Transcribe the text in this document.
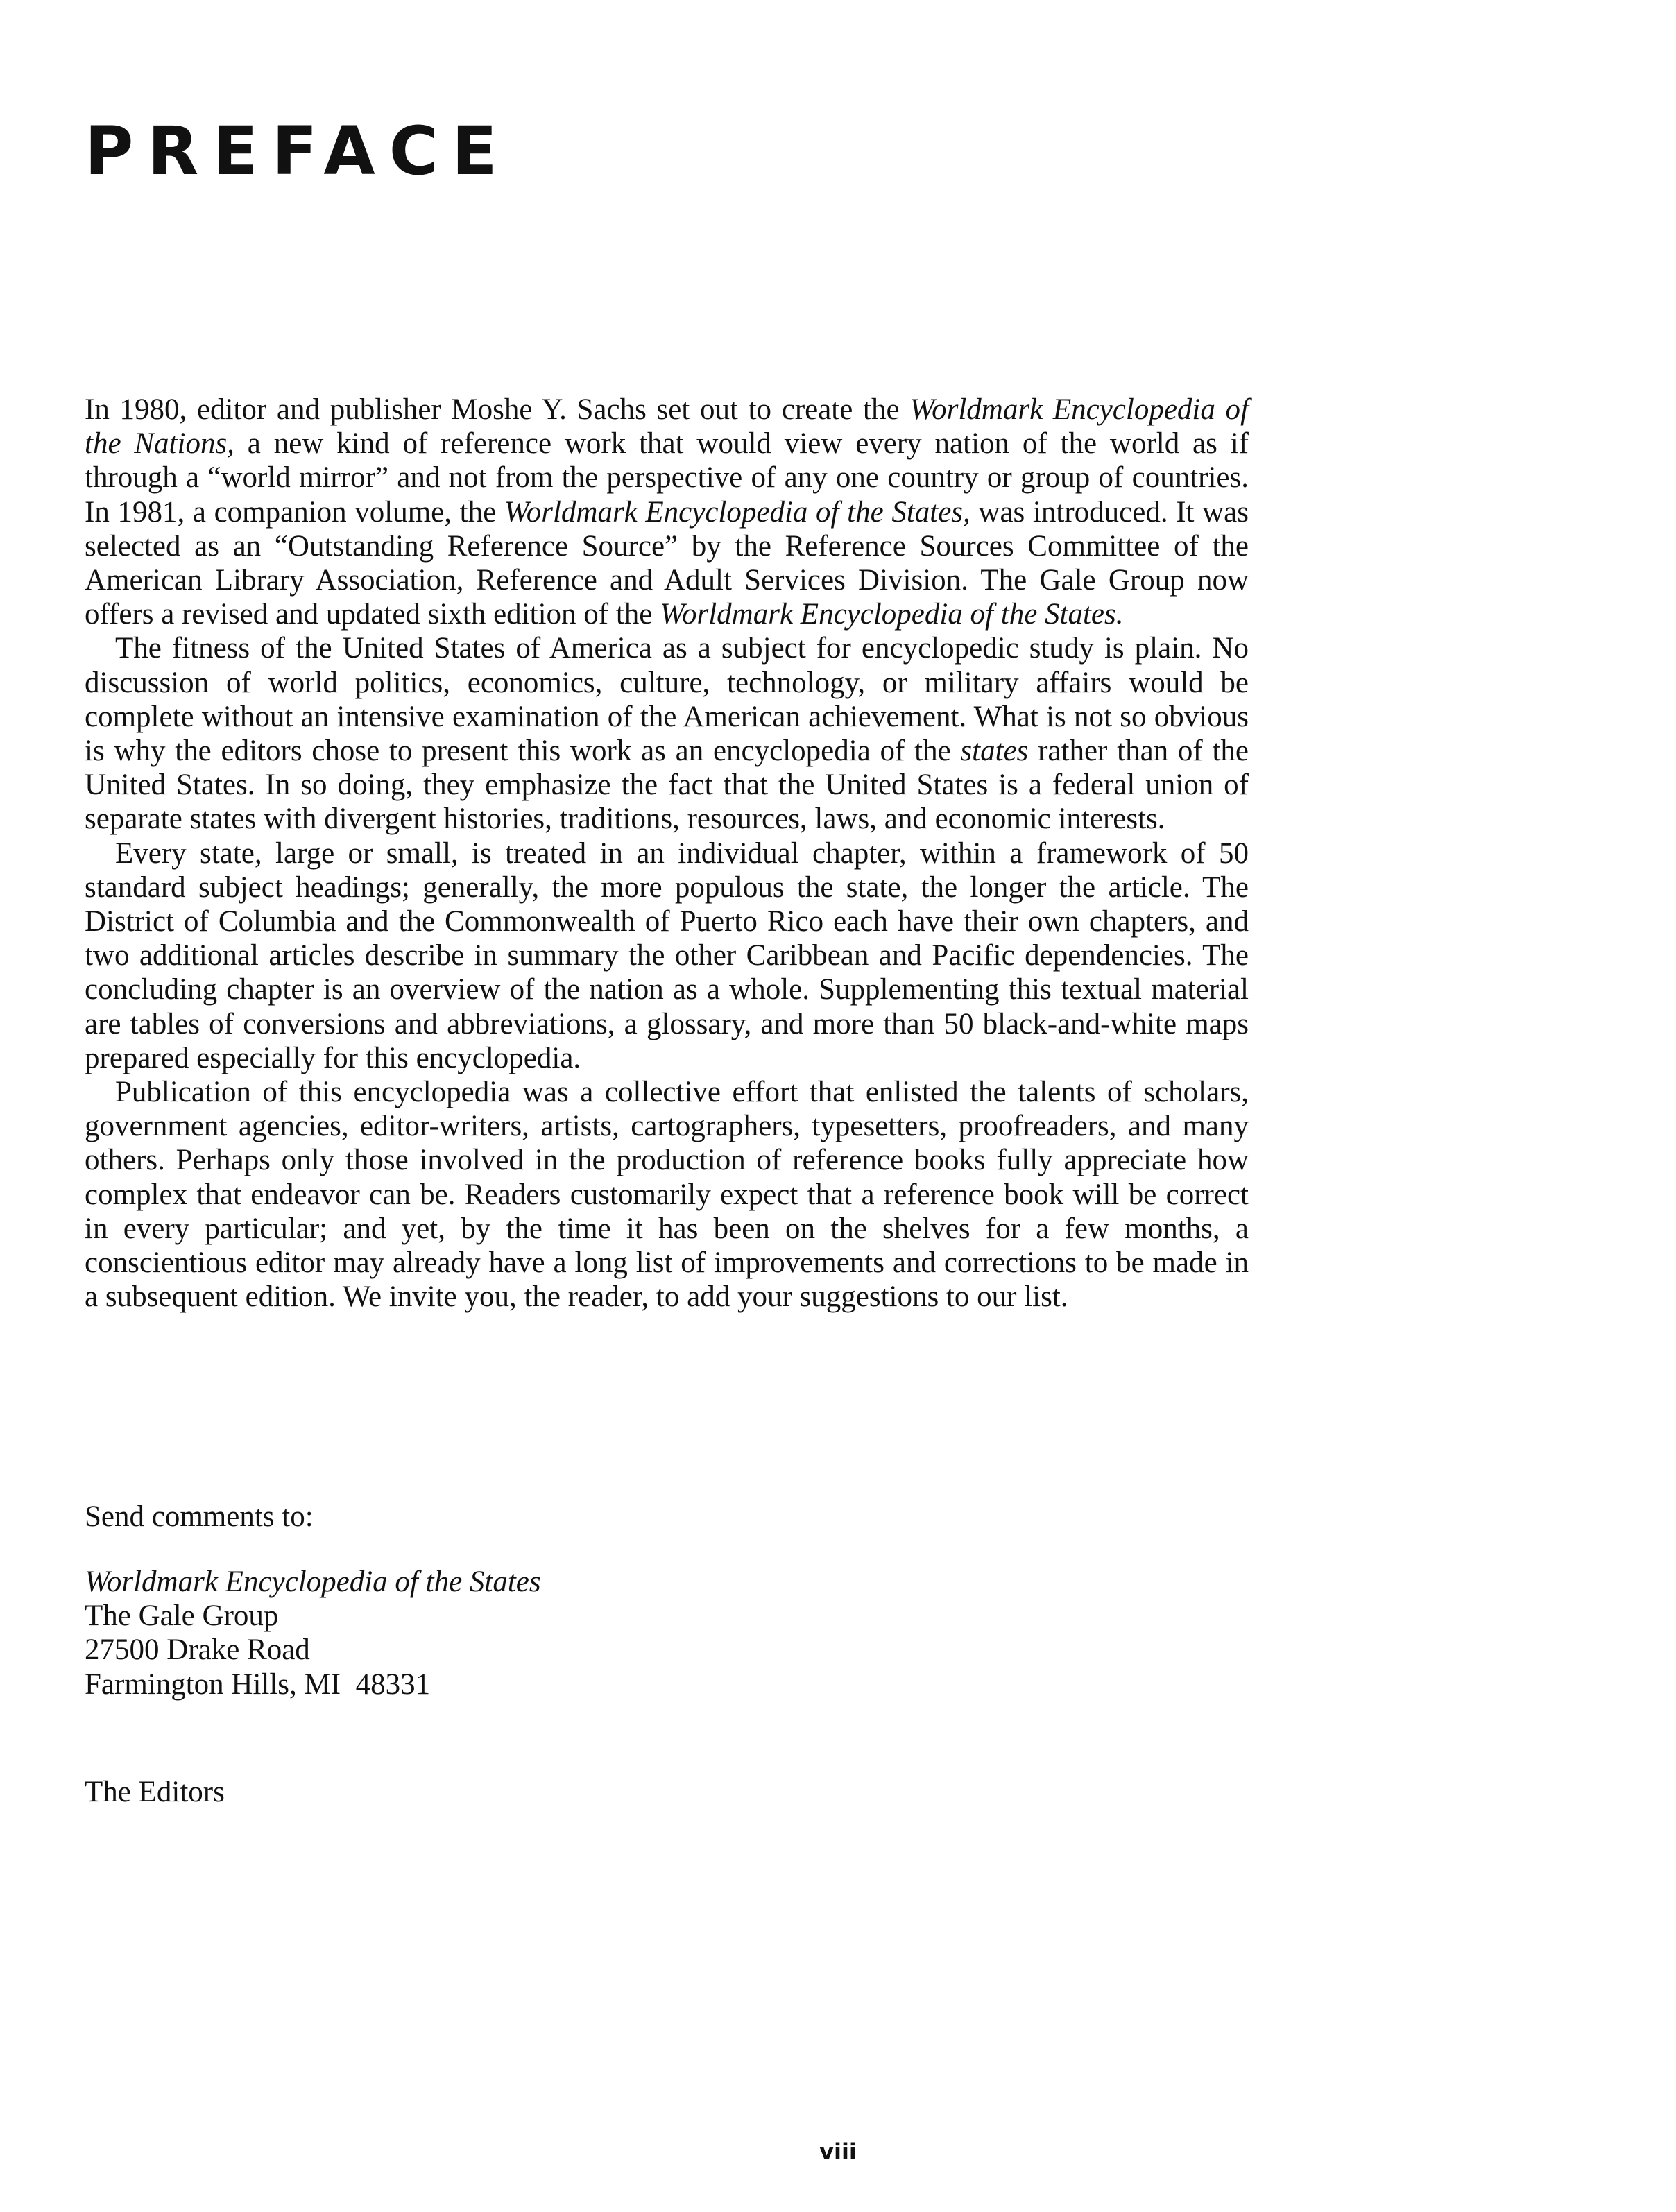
PREFACE

In 1980, editor and publisher Moshe Y. Sachs set out to create the Worldmark Encyclopedia of the Nations, a new kind of reference work that would view every nation of the world as if through a “world mirror” and not from the perspective of any one country or group of countries. In 1981, a companion volume, the Worldmark Encyclopedia of the States, was introduced. It was selected as an “Outstanding Reference Source” by the Reference Sources Committee of the American Library Association, Reference and Adult Services Division. The Gale Group now offers a revised and updated sixth edition of the Worldmark Encyclopedia of the States.

The fitness of the United States of America as a subject for encyclopedic study is plain. No discussion of world politics, economics, culture, technology, or military affairs would be complete without an intensive examination of the American achievement. What is not so obvious is why the editors chose to present this work as an encyclopedia of the states rather than of the United States. In so doing, they emphasize the fact that the United States is a federal union of separate states with divergent histories, traditions, resources, laws, and economic interests.

Every state, large or small, is treated in an individual chapter, within a framework of 50 standard subject headings; generally, the more populous the state, the longer the article. The District of Columbia and the Commonwealth of Puerto Rico each have their own chapters, and two additional articles describe in summary the other Caribbean and Pacific dependencies. The concluding chapter is an overview of the nation as a whole. Supplementing this textual material are tables of conversions and abbreviations, a glossary, and more than 50 black-and-white maps prepared especially for this encyclopedia.

Publication of this encyclopedia was a collective effort that enlisted the talents of scholars, government agencies, editor-writers, artists, cartographers, typesetters, proofreaders, and many others. Perhaps only those involved in the production of reference books fully appreciate how complex that endeavor can be. Readers customarily expect that a reference book will be correct in every particular; and yet, by the time it has been on the shelves for a few months, a conscientious editor may already have a long list of improvements and corrections to be made in a subsequent edition. We invite you, the reader, to add your suggestions to our list.

Send comments to:
Worldmark Encyclopedia of the States
The Gale Group
27500 Drake Road
Farmington Hills, MI  48331
The Editors
viii
